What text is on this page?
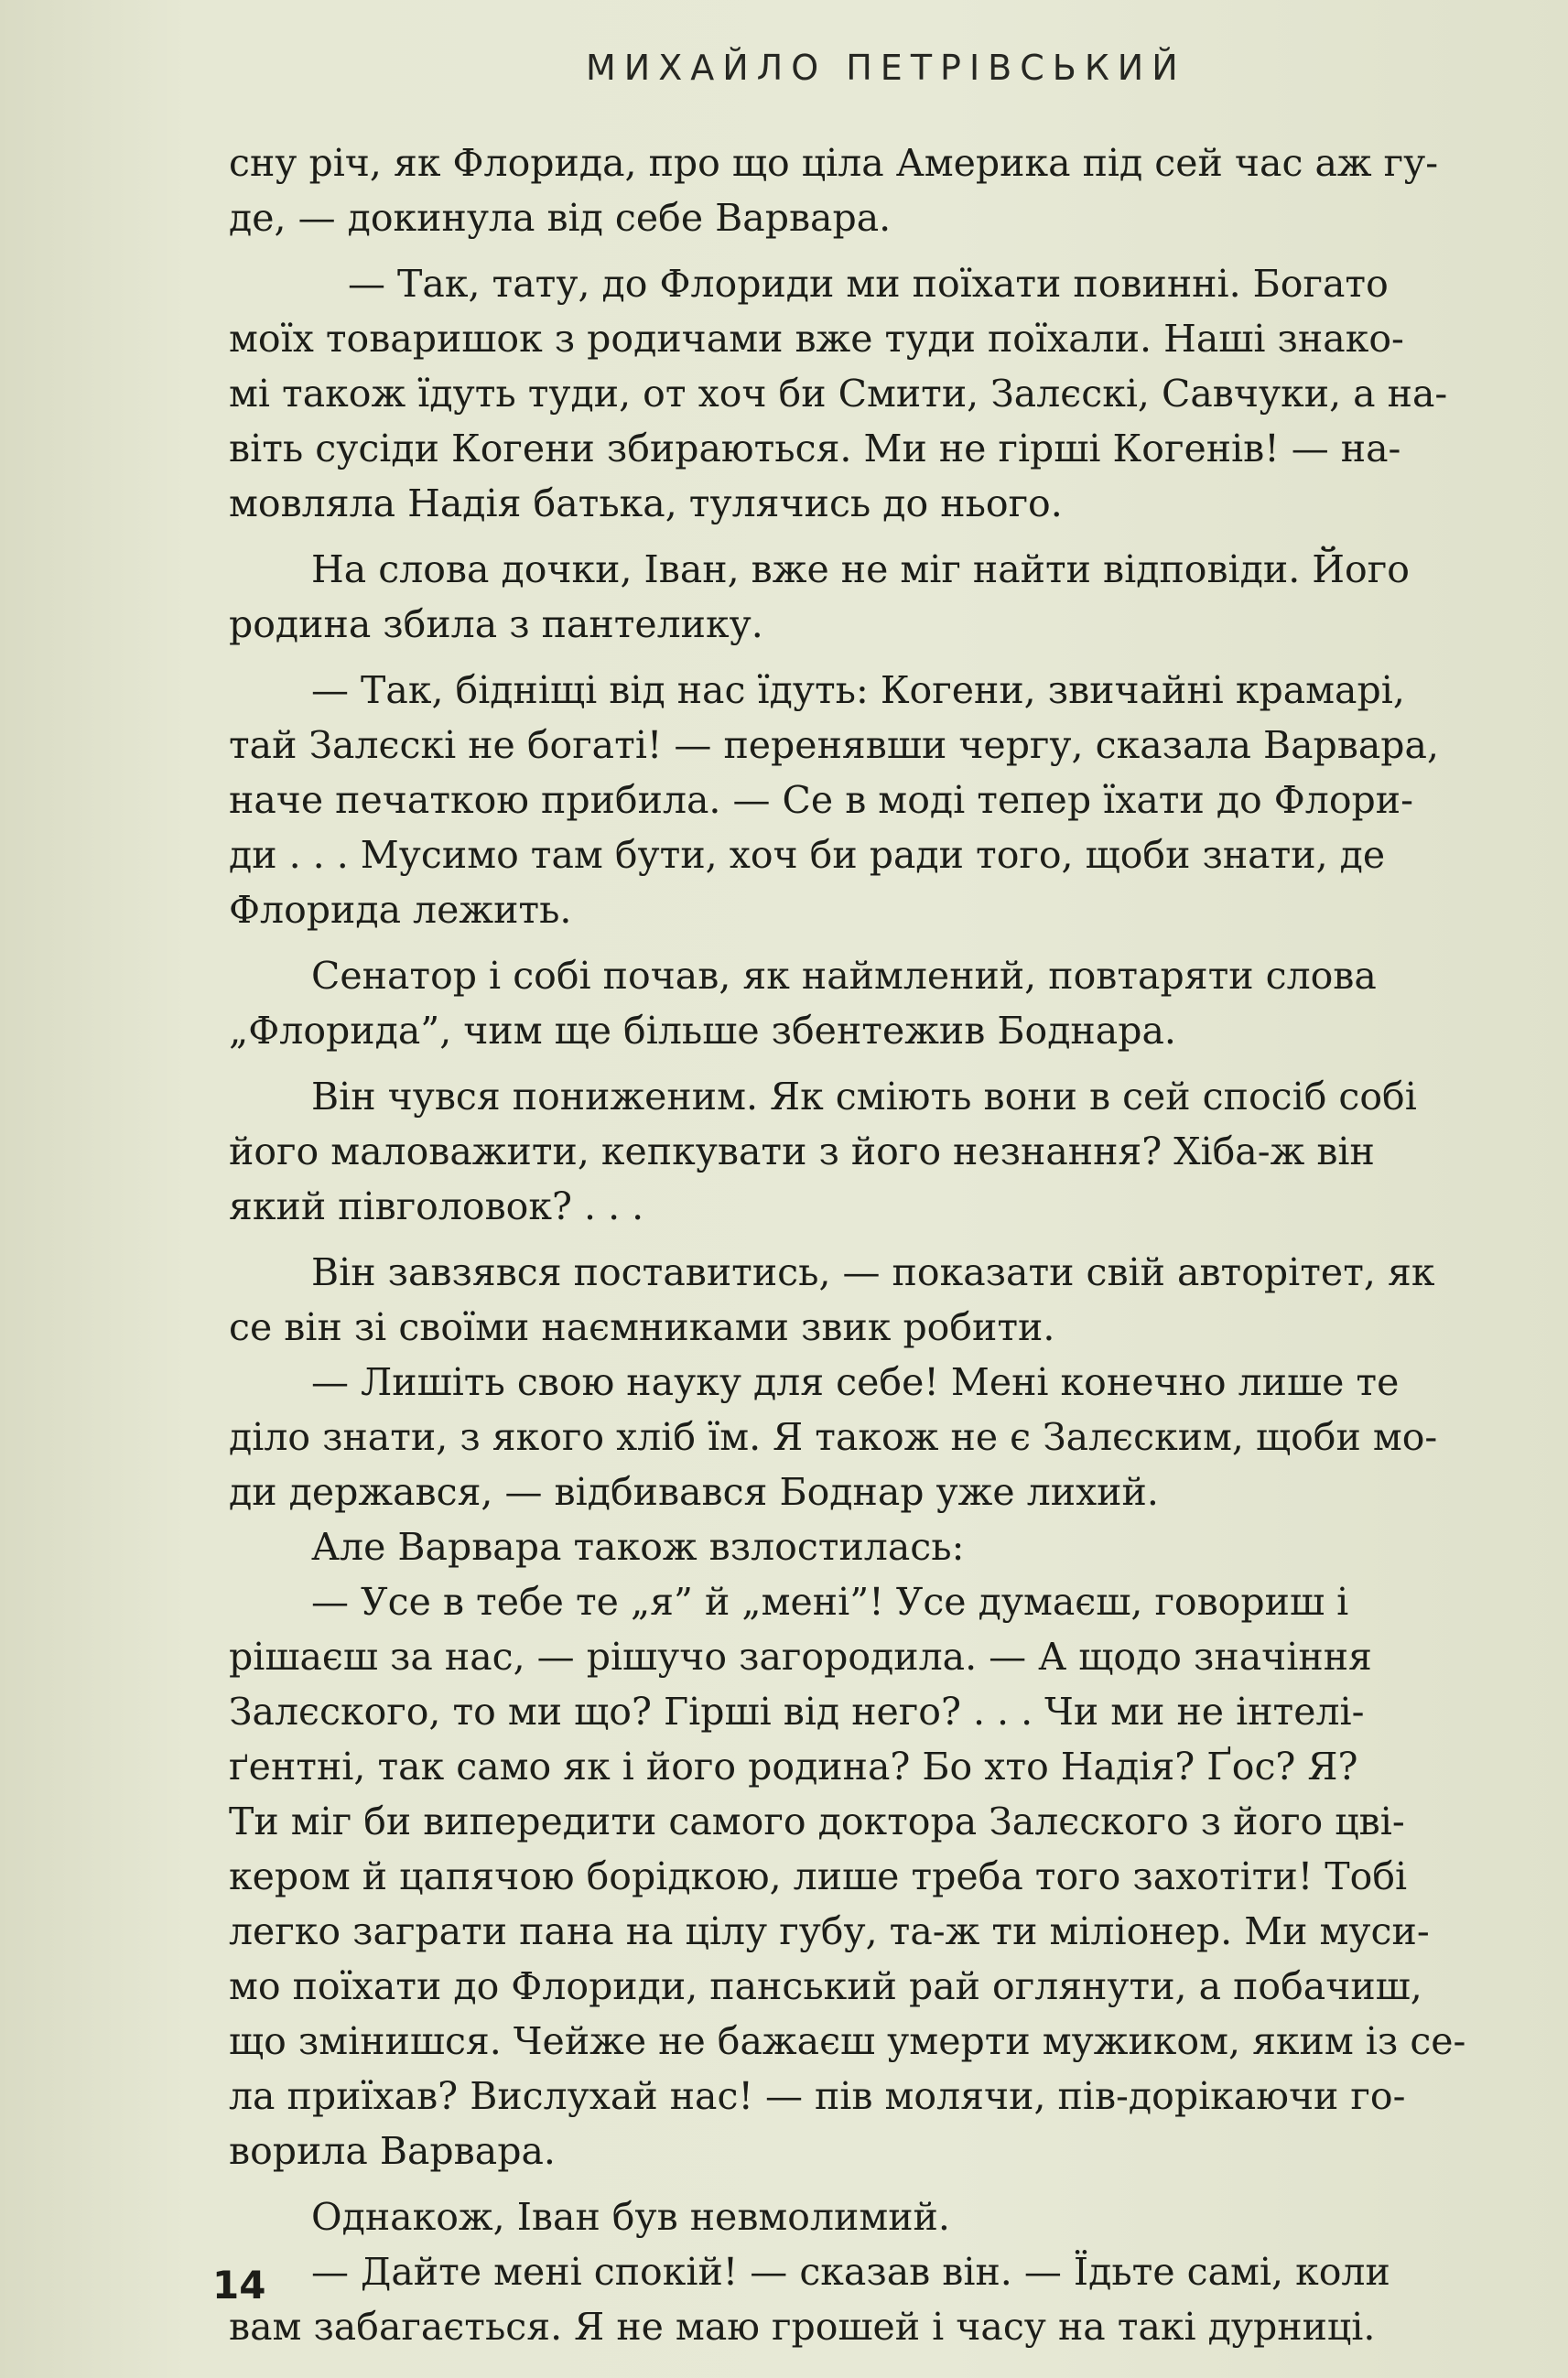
МИХАЙЛО ПЕТРІВСЬКИЙ
сну річ, як Флорида, про що ціла Америка під сей час аж гу-
де, — докинула від себе Варвара.
— Так, тату, до Флориди ми поїхати повинні. Богато
моїх товаришок з родичами вже туди поїхали. Наші знако-
мі також їдуть туди, от хоч би Смити, Залєскі, Савчуки, а на-
віть сусіди Когени збираються. Ми не гірші Когенів! — на-
мовляла Надія батька, тулячись до нього.
На слова дочки, Іван, вже не міг найти відповіди. Його
родина збила з пантелику.
— Так, бідніщі від нас їдуть: Когени, звичайні крамарі,
тай Залєскі не богаті! — перенявши чергу, сказала Варвара,
наче печаткою прибила. — Се в моді тепер їхати до Флори-
ди . . . Мусимо там бути, хоч би ради того, щоби знати, де
Флорида лежить.
Сенатор і собі почав, як наймлений, повтаряти слова
„Флорида”, чим ще більше збентежив Боднара.
Він чувся пониженим. Як сміють вони в сей спосіб собі
його маловажити, кепкувати з його незнання? Хіба-ж він
який півголовок? . . .
Він завзявся поставитись, — показати свій авторітет, як
се він зі своїми наємниками звик робити.
— Лишіть свою науку для себе! Мені конечно лише те
діло знати, з якого хліб їм. Я також не є Залєским, щоби мо-
ди держався, — відбивався Боднар уже лихий.
Але Варвара також взлостилась:
— Усе в тебе те „я” й „мені”! Усе думаєш, говориш і
рішаєш за нас, — рішучо загородила. — А щодо значіння
Залєского, то ми що? Гірші від него? . . . Чи ми не інтелі-
ґентні, так само як і його родина? Бо хто Надія? Ґос? Я?
Ти міг би випередити самого доктора Залєского з його цві-
кером й цапячою борідкою, лише треба того захотіти! Тобі
легко заграти пана на цілу губу, та-ж ти міліонер. Ми муси-
мо поїхати до Флориди, панський рай оглянути, а побачиш,
що змінишся. Чейже не бажаєш умерти мужиком, яким із се-
ла приїхав? Вислухай нас! — пів молячи, пів-дорікаючи го-
ворила Варвара.
Однакож, Іван був невмолимий.
— Дайте мені спокій! — сказав він. — Їдьте самі, коли
вам забагається. Я не маю грошей і часу на такі дурниці.
14
